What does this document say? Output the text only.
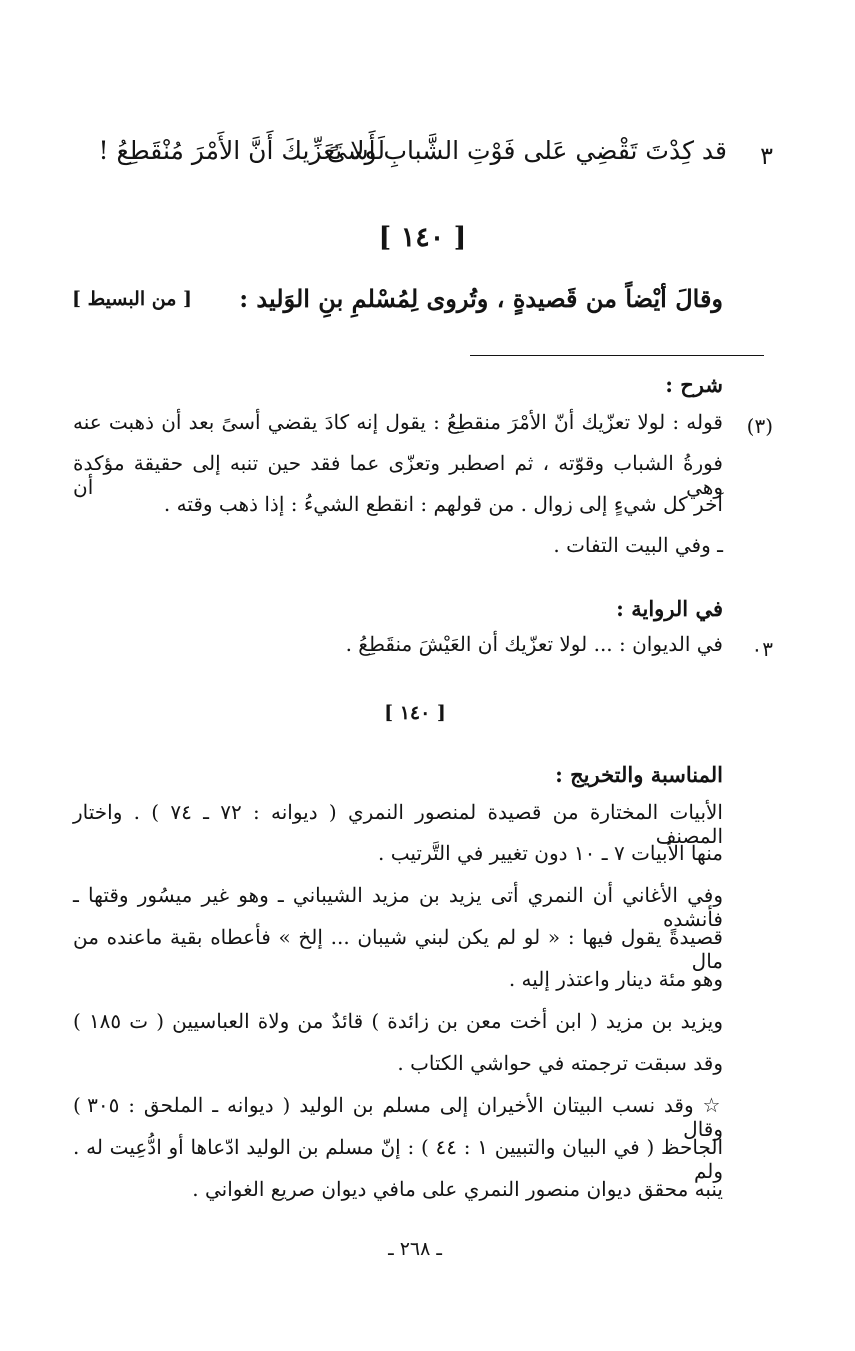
٣
قد كِدْتَ تَقْضِي عَلى فَوْتِ الشَّبابِ أَسىً
لَولا تَعَزِّيكَ أَنَّ الأَمْرَ مُنْقَطِعُ !
[ ١٤٠ ]
وقالَ أيْضاً من قَصيدةٍ ، وتُروى لِمُسْلمِ بنِ الوَليد :
[ من البسيط ]
شرح :
(٣)
قوله : لولا تعزّيك أنّ الأمْرَ منقطِعُ : يقول إنه كادَ يقضي أسىً بعد أن ذهبت عنه
فورةُ الشباب وقوّته ، ثم اصطبر وتعزّى عما فقد حين تنبه إلى حقيقة مؤكدة وهي أن
آخر كل شيءٍ إلى زوال . من قولهم : انقطع الشيءُ : إذا ذهب وقته .
ـ وفي البيت التفات .
في الرواية :
٠٣
في الديوان : ... لولا تعزّيك أن العَيْشَ منقَطِعُ .
[ ١٤٠ ]
المناسبة والتخريج :
الأبيات المختارة من قصيدة لمنصور النمري ( ديوانه : ٧٢ ـ ٧٤ ) . واختار المصنف
منها الأبيات ٧ ـ ١٠ دون تغيير في التَّرتيب .
وفي الأغاني أن النمري أتى يزيد بن مزيد الشيباني ـ وهو غير ميسُور وقتها ـ فأنشده
قصيدةً يقول فيها : « لو لم يكن لبني شيبان ... إلخ » فأعطاه بقية ماعنده من مال
وهو مئة دينار واعتذر إليه .
ويزيد بن مزيد ( ابن أخت معن بن زائدة ) قائدٌ من ولاة العباسيين ( ت ١٨٥ )
وقد سبقت ترجمته في حواشي الكتاب .
☆ وقد نسب البيتان الأخيران إلى مسلم بن الوليد ( ديوانه ـ الملحق : ٣٠٥ ) وقال
الجاحظ ( في البيان والتبيين ١ : ٤٤ ) : إنّ مسلم بن الوليد ادّعاها أو ادُّعِيت له . ولم
ينبه محقق ديوان منصور النمري على مافي ديوان صريع الغواني .
ـ ٢٦٨ ـ
